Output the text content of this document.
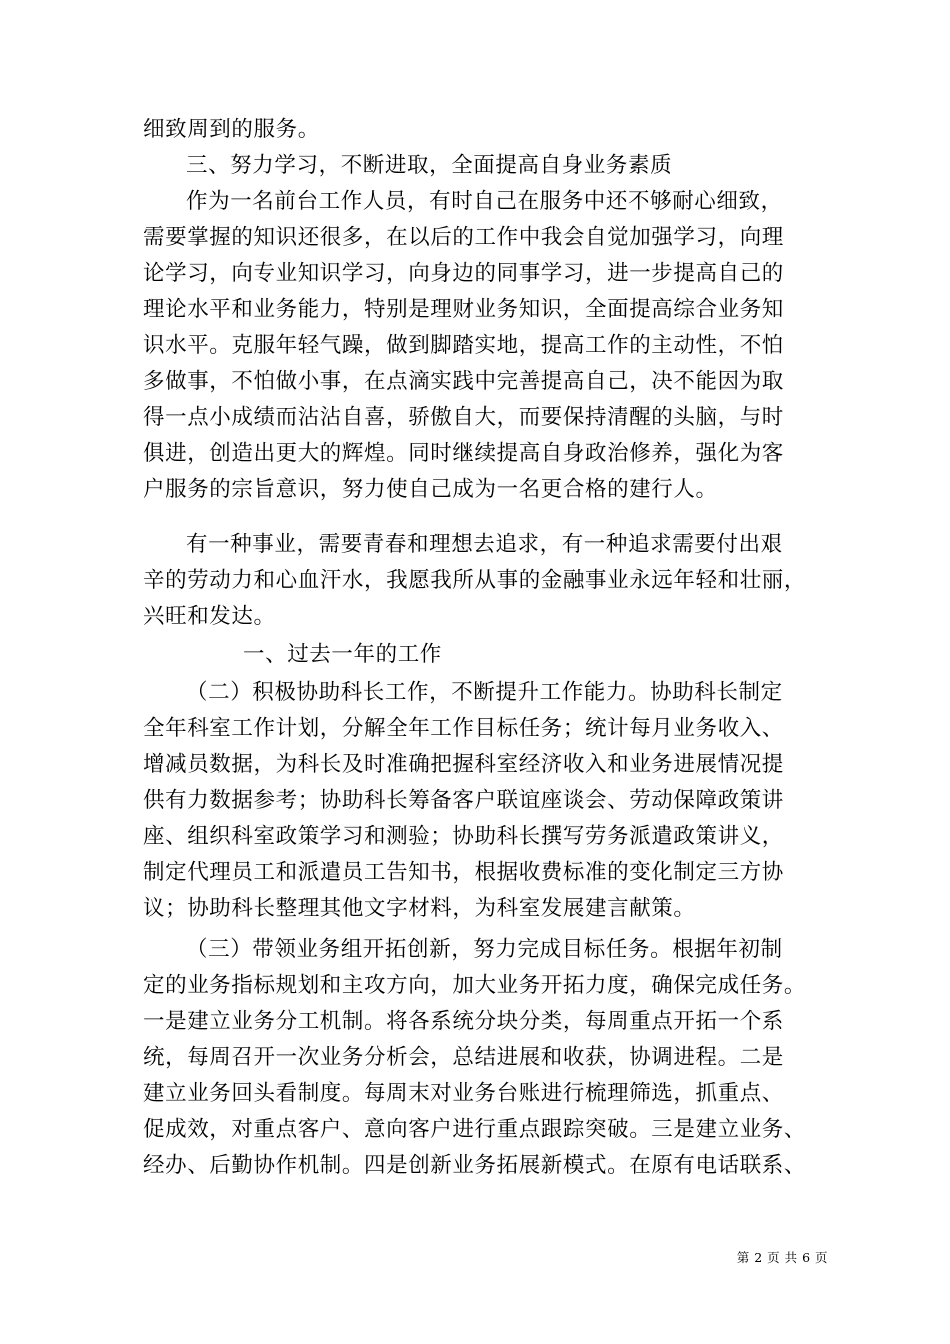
细致周到的服务。

三、努力学习，不断进取，全面提高自身业务素质

作为一名前台工作人员，有时自己在服务中还不够耐心细致，
需要掌握的知识还很多，在以后的工作中我会自觉加强学习，向理
论学习，向专业知识学习，向身边的同事学习，进一步提高自己的
理论水平和业务能力，特别是理财业务知识，全面提高综合业务知
识水平。克服年轻气躁，做到脚踏实地，提高工作的主动性，不怕
多做事，不怕做小事，在点滴实践中完善提高自己，决不能因为取
得一点小成绩而沾沾自喜，骄傲自大，而要保持清醒的头脑，与时
俱进，创造出更大的辉煌。同时继续提高自身政治修养，强化为客
户服务的宗旨意识，努力使自己成为一名更合格的建行人。

有一种事业，需要青春和理想去追求，有一种追求需要付出艰
辛的劳动力和心血汗水，我愿我所从事的金融事业永远年轻和壮丽，
兴旺和发达。

一、过去一年的工作

（二）积极协助科长工作，不断提升工作能力。协助科长制定
全年科室工作计划，分解全年工作目标任务；统计每月业务收入、
增减员数据，为科长及时准确把握科室经济收入和业务进展情况提
供有力数据参考；协助科长筹备客户联谊座谈会、劳动保障政策讲
座、组织科室政策学习和测验；协助科长撰写劳务派遣政策讲义，
制定代理员工和派遣员工告知书，根据收费标准的变化制定三方协
议；协助科长整理其他文字材料，为科室发展建言献策。

（三）带领业务组开拓创新，努力完成目标任务。根据年初制
定的业务指标规划和主攻方向，加大业务开拓力度，确保完成任务。
一是建立业务分工机制。将各系统分块分类，每周重点开拓一个系
统，每周召开一次业务分析会，总结进展和收获，协调进程。二是
建立业务回头看制度。每周末对业务台账进行梳理筛选，抓重点、
促成效，对重点客户、意向客户进行重点跟踪突破。三是建立业务、
经办、后勤协作机制。四是创新业务拓展新模式。在原有电话联系、

第 2 页 共 6 页
